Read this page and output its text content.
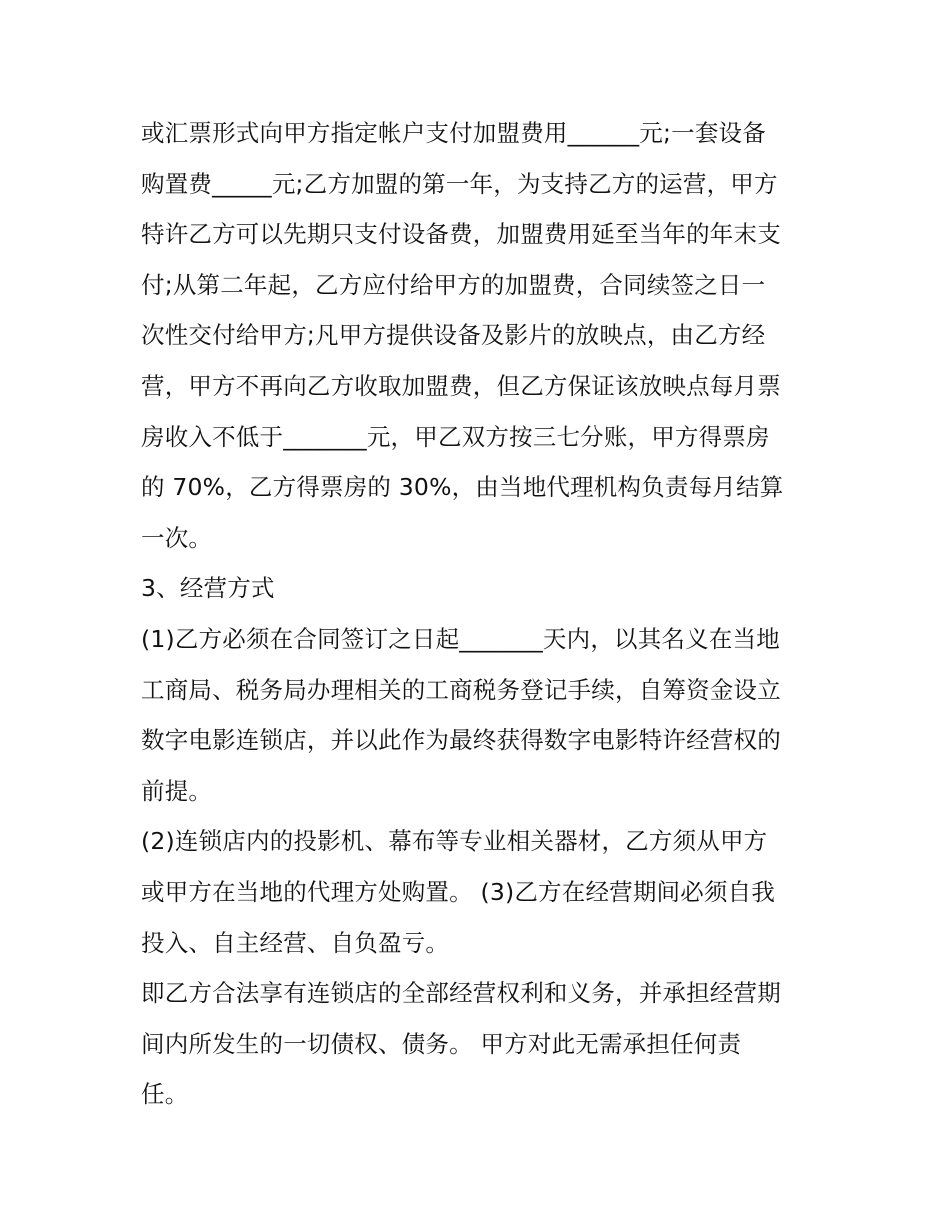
或汇票形式向甲方指定帐户支付加盟费用______元;一套设备
购置费_____元;乙方加盟的第一年，为支持乙方的运营，甲方
特许乙方可以先期只支付设备费，加盟费用延至当年的年末支
付;从第二年起，乙方应付给甲方的加盟费，合同续签之日一
次性交付给甲方;凡甲方提供设备及影片的放映点，由乙方经
营，甲方不再向乙方收取加盟费，但乙方保证该放映点每月票
房收入不低于_______元，甲乙双方按三七分账，甲方得票房
的 70%，乙方得票房的 30%，由当地代理机构负责每月结算
一次。
3、经营方式
(1)乙方必须在合同签订之日起_______天内，以其名义在当地
工商局、税务局办理相关的工商税务登记手续，自筹资金设立
数字电影连锁店，并以此作为最终获得数字电影特许经营权的
前提。
(2)连锁店内的投影机、幕布等专业相关器材，乙方须从甲方
或甲方在当地的代理方处购置。 (3)乙方在经营期间必须自我
投入、自主经营、自负盈亏。
即乙方合法享有连锁店的全部经营权利和义务，并承担经营期
间内所发生的一切债权、债务。 甲方对此无需承担任何责
任。
